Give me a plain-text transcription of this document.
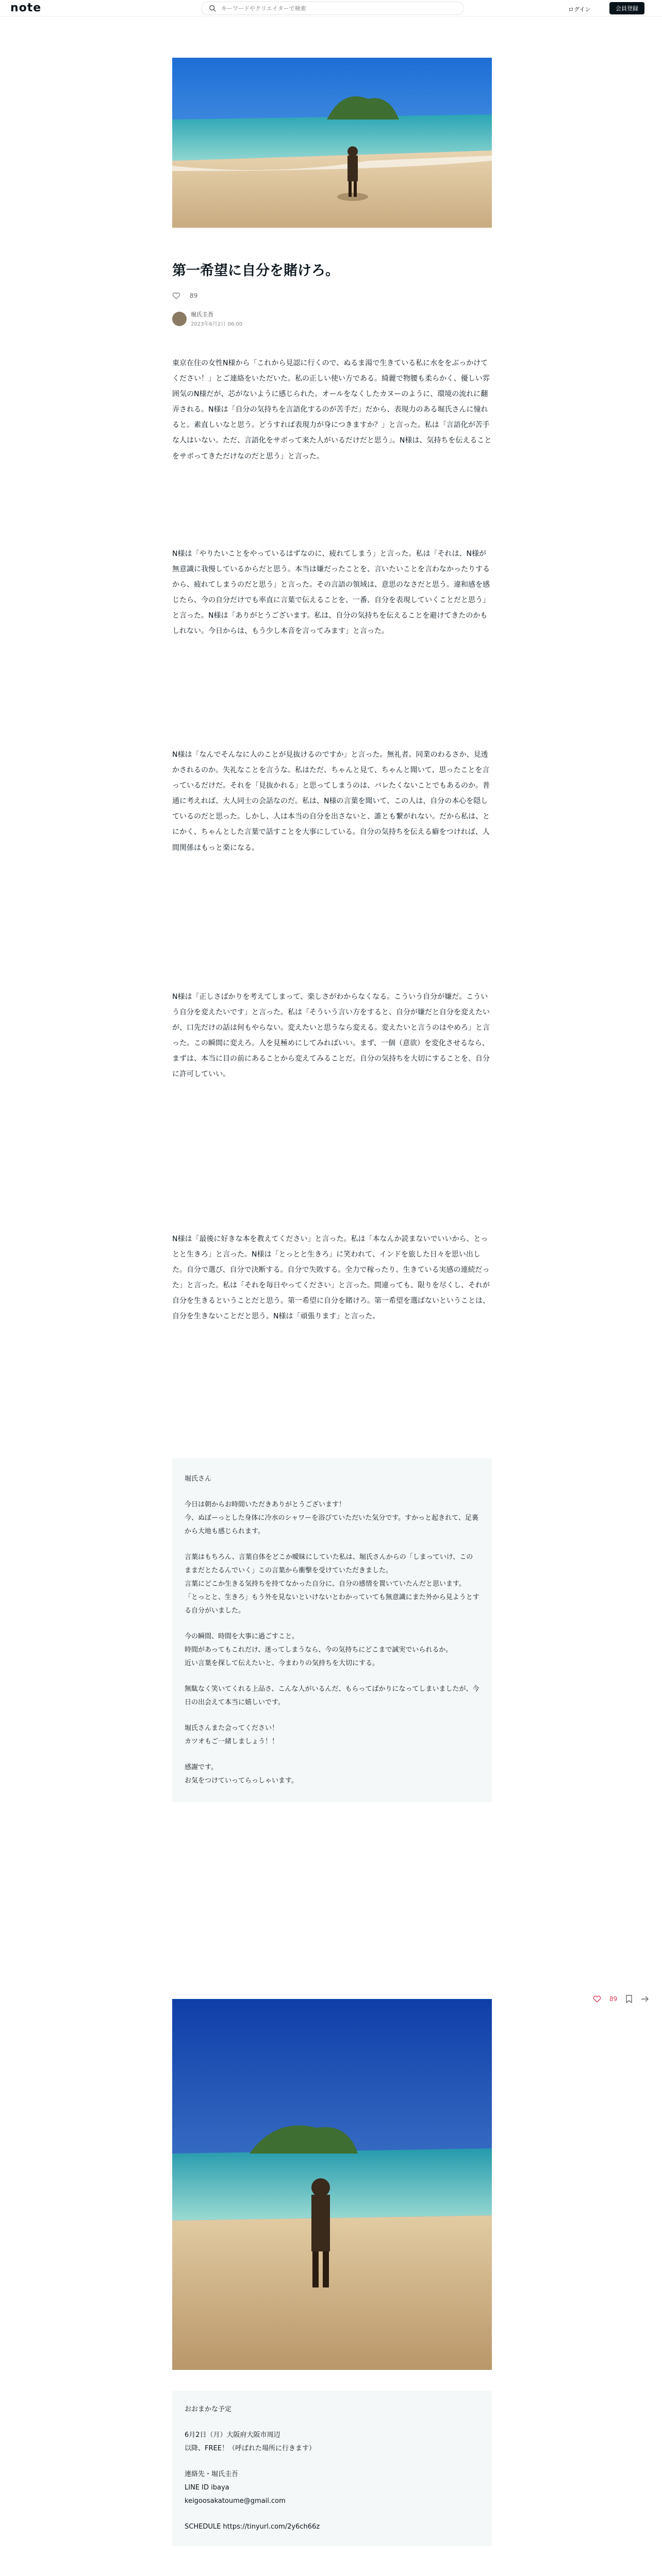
note
キーワードやクリエイターで検索	ログイン	会員登録
第一希望に自分を賭けろ。
89
堀氏圭吾
2023年6月2日 06:00

東京在住の女性N様から「これから見認に行くので、ぬるま湯で生きている私に水ををぶっかけてください！」とご連絡をいただいた。私の正しい使い方である。綺麗で物腰も柔らかく、優しい雰囲気のN様だが、芯がないように感じられた。オールをなくしたカヌーのように、環境の流れに翻弄される。N様は「自分の気持ちを言語化するのが苦手だ」だから、表現力のある堀氏さんに憧れると。素直しいなと思う。どうすれば表現力が身につきますか？」と言った。私は「言語化が苦手な人はいない。ただ、言語化をサボって来た人がいるだけだと思う」。N様は、気持ちを伝えることをサボってきただけなのだと思う」と言った。

N様は「やりたいことをやっているはずなのに、疲れてしまう」と言った。私は「それは、N様が無意識に我慢しているからだと思う。本当は嫌だったことを、言いたいことを言わなかったりするから、疲れてしまうのだと思う」と言った。その言語の領域は、意思のなさだと思う。違和感を感じたら、今の自分だけでも率直に言葉で伝えることを、一番、自分を表現していくことだと思う」と言った。N様は「ありがとうございます。私は、自分の気持ちを伝えることを避けてきたのかもしれない。今日からは、もう少し本音を言ってみます」と言った。

N様は「なんでそんなに人のことが見抜けるのですか」と言った。無礼者。同業のわるさか、見透かされるのか。失礼なことを言うな。私はただ、ちゃんと見て、ちゃんと聞いて、思ったことを言っているだけだ。それを「見抜かれる」と思ってしまうのは、バレたくないことでもあるのか。普通に考えれば、大人同士の会話なのだ。私は、N様の言葉を聞いて、この人は、自分の本心を隠しているのだと思った。しかし、人は本当の自分を出さないと、誰とも繋がれない。だから私は、とにかく、ちゃんとした言葉で話すことを大事にしている。自分の気持ちを伝える癖をつければ、人間関係はもっと楽になる。

N様は「正しさばかりを考えてしまって、楽しさがわからなくなる。こういう自分が嫌だ。こういう自分を変えたいです」と言った。私は「そういう言い方をすると、自分が嫌だと自分を変えたいが、口先だけの話は何もやらない。変えたいと思うなら変える。変えたいと言うのはやめろ」と言った。この瞬間に変えろ。人を見極めにしてみればいい。まず、一個（意欲）を変化させるなら、まずは、本当に目の前にあることから変えてみることだ。自分の気持ちを大切にすることを、自分に許可していい。

N様は「最後に好きな本を教えてください」と言った。私は「本なんか読まないでいいから、とっとと生きろ」と言った。N様は「とっとと生きろ」に笑われて、インドを旅した日々を思い出した。自分で選び、自分で決断する。自分で失敗する。全力で稼ったり、生きている実感の連続だった」と言った。私は「それを毎日やってください」と言った。間違っても、限りを尽くし、それが自分を生きるということだと思う。第一希望に自分を賭けろ。第一希望を選ばないということは、自分を生きないことだと思う。N様は「頑張ります」と言った。

堀氏さん

今日は朝からお時間いただきありがとうございます！

今、ぬぼーっとした身体に冷水のシャワーを浴びていただいた気分です。すかっと起きれて、足裏から大地も感じられます。

言葉はもちろん、言葉自体をどこか曖昧にしていた私は、堀氏さんからの「しまっていけ、このままだとたるんでいく」この言葉から衝撃を受けていただきました。

言葉にどこか生きる気持ちを持てなかった自分に、自分の感情を置いていたんだと思います。

「とっとと、生きろ」もう外を見ないといけないとわかっていても無意識にまた外から見ようとする自分がいました。

今の瞬間、時間を大事に過ごすこと。

時間があってもこれだけ、迷ってしまうなら、今の気持ちにどこまで誠実でいられるか。

近い言葉を探して伝えたいと、今まわりの気持ちを大切にする。

無駄なく笑いてくれる上品さ、こんな人がいるんだ、もらってばかりになってしまいましたが、今日の出会えて本当に嬉しいです。

堀氏さんまた会ってください！

カツオもご一緒しましょう！！

感謝です。

お気をつけていってらっしゃいます。

89

おおまかな予定

6月2日（月）大阪府大阪市周辺

以降、FREE！（呼ばれた場所に行きます）

連絡先・堀氏圭吾

LINE ID ibaya

keigoosakatoume@gmail.com

SCHEDULE https://tinyurl.com/2y6ch66z
